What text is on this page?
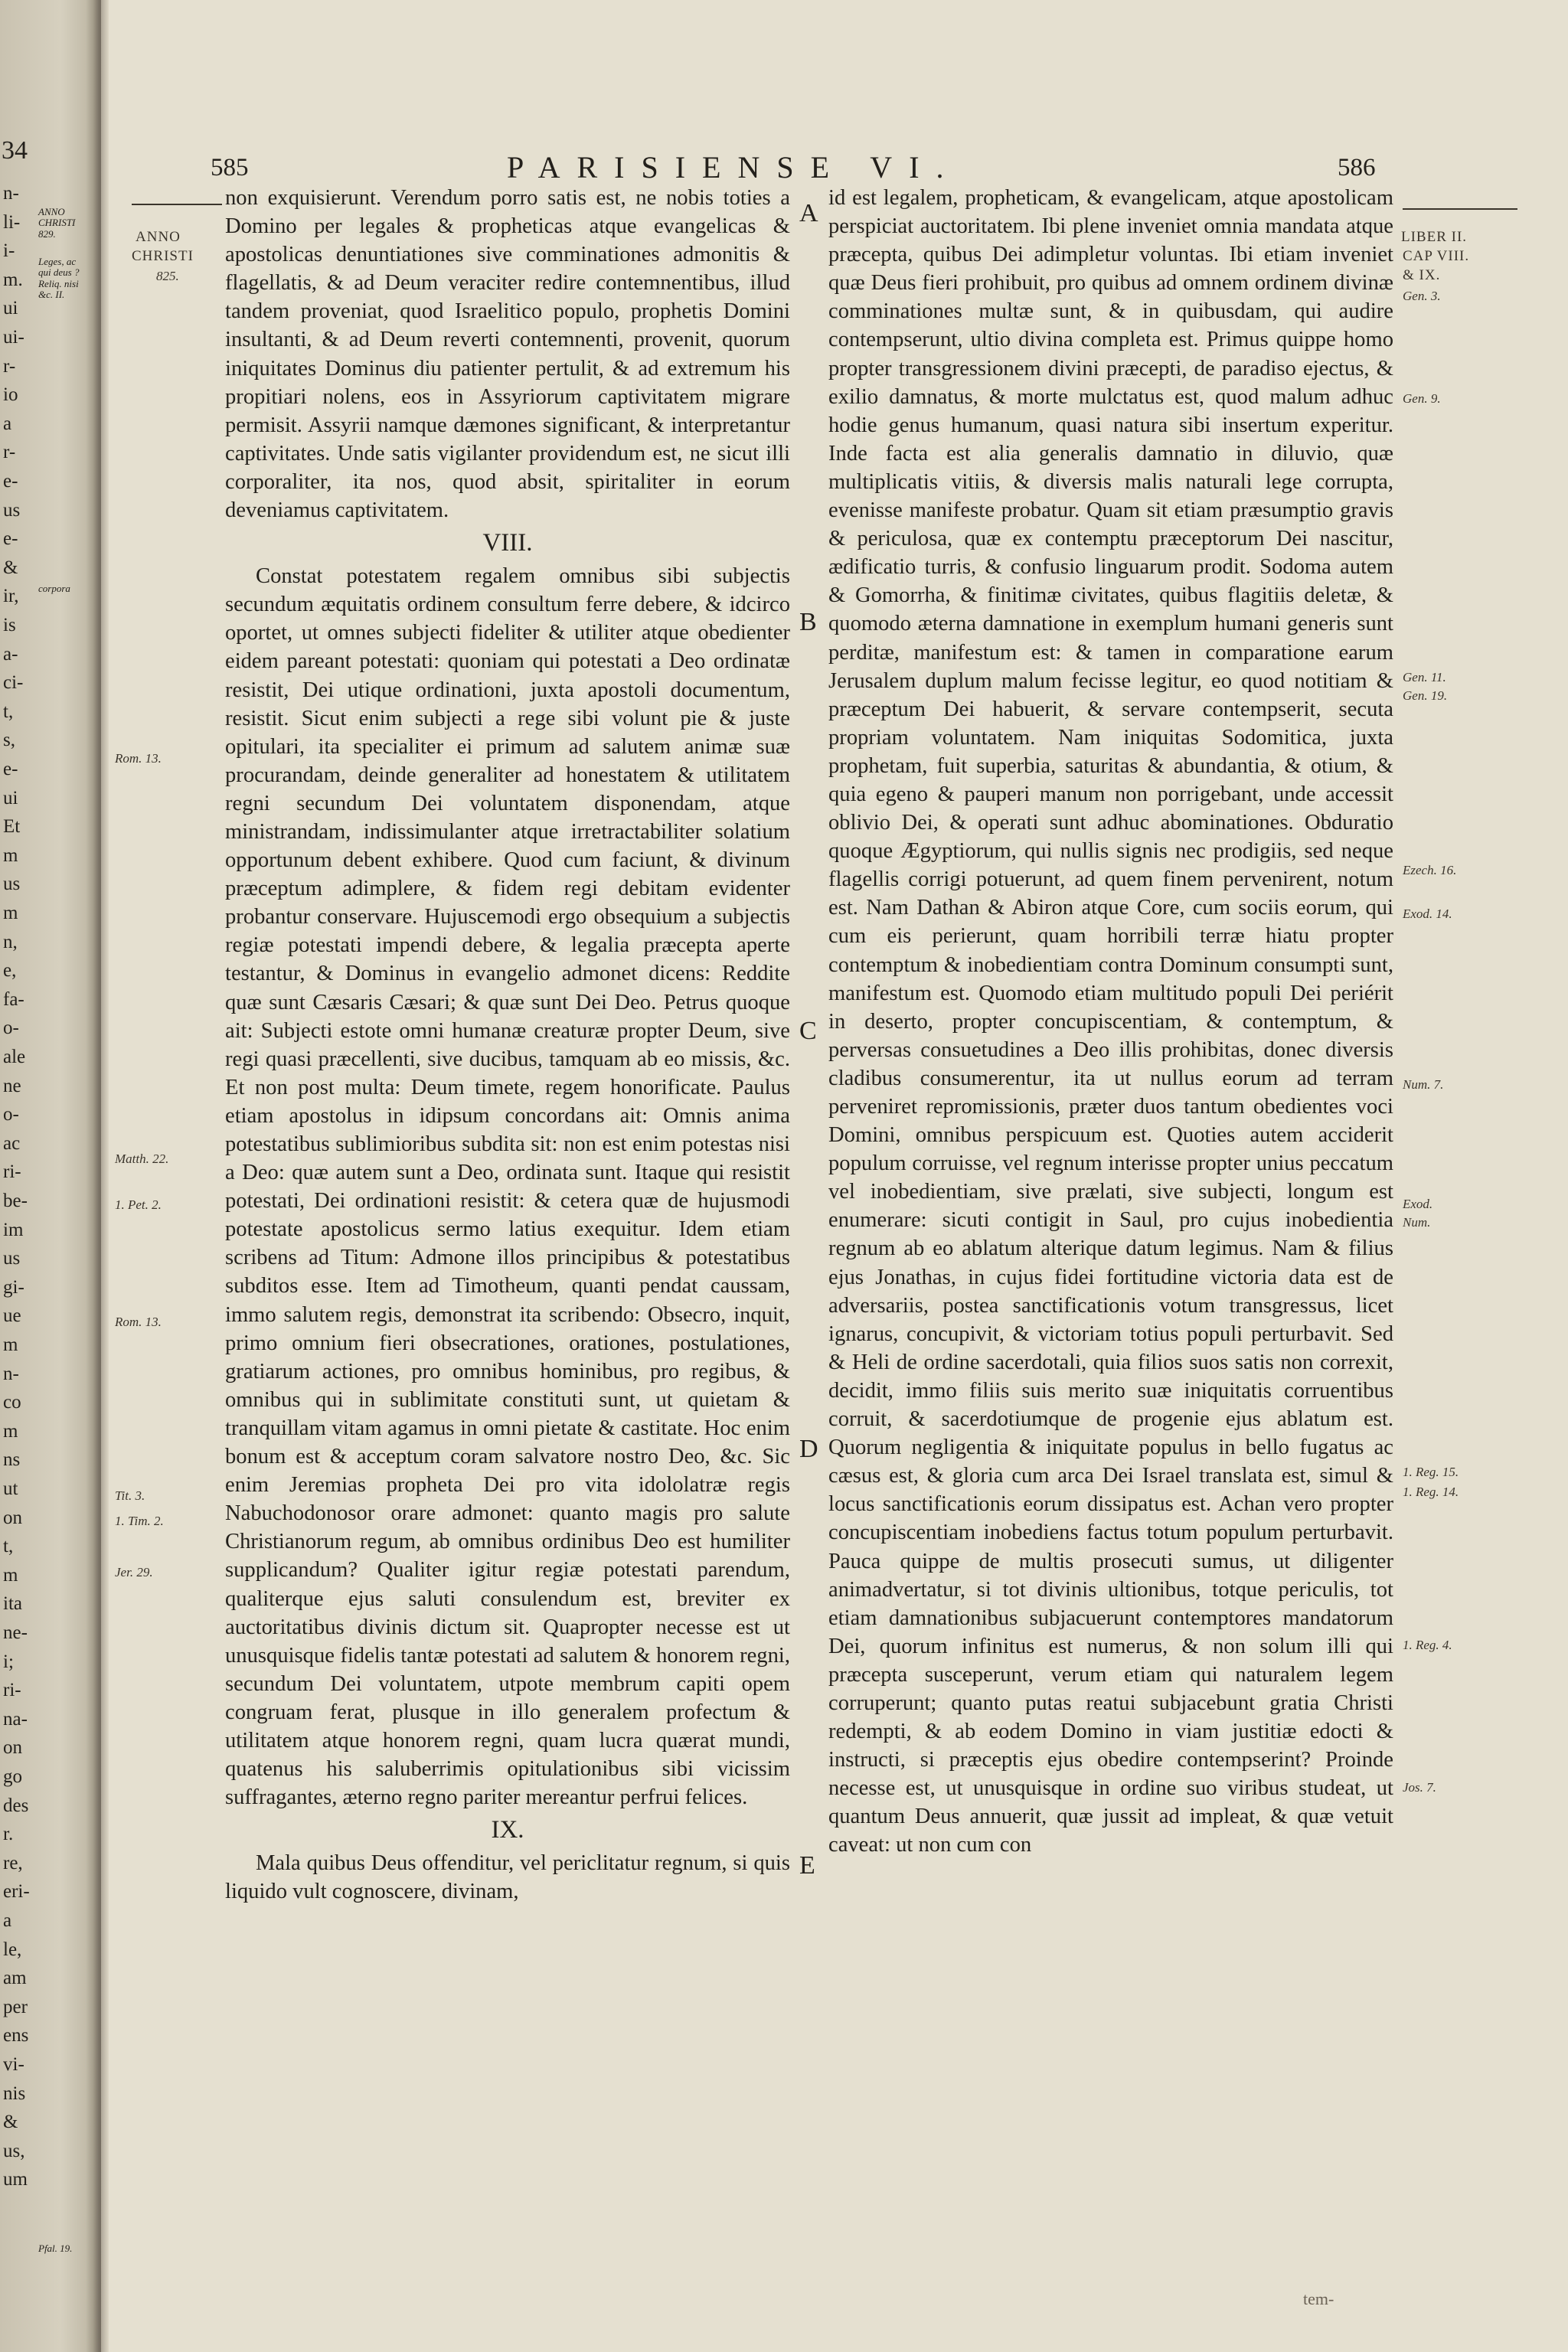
34
n-
li-
i-
m.
ui
ui-
r-
io
a
r-
e-
us
e-
&
ir,
is
a-
ci-
t,
s,
e-
ui
Et
m
us
m
n,
e,
fa-
o-
ale
ne
o-
ac
ri-
be-
im
us
gi-
ue
m
n-
co
m
ns
ut
on
t,
m
ita
ne-
i;
ri-
na-
on
go
des
r.
re,
eri-
a
le,
am
per
ens
vi-
nis
&
us,
um
ANNO CHRISTI 829.
Leges, ac qui deus ? Reliq. nisi &c. II.
corpora
Pfal. 19.
585	PARISIENSE VI.	586
ANNO
CHRISTI
825.
Rom. 13.
Matth. 22.
1. Pet. 2.
Rom. 13.
Tit. 3.
1. Tim. 2.
Jer. 29.
LIBER II.
CAP VIII.
& IX.
Gen. 3.
Gen. 9.
Gen. 11.
Gen. 19.
Ezech. 16.
Exod. 14.
Num. 7.
Exod.
Num.
1. Reg. 15.
1. Reg. 14.
1. Reg. 4.
Jos. 7.
A
B
C
D
E

non exquisierunt. Verendum porro satis est, ne nobis toties a Domino per legales & propheticas atque evangelicas & apostolicas denuntiationes sive comminationes admonitis & flagellatis, & ad Deum veraciter redire contemnentibus, illud tandem proveniat, quod Israelitico populo, prophetis Domini insultanti, & ad Deum reverti contemnenti, provenit, quorum iniquitates Dominus diu patienter pertulit, & ad extremum his propitiari nolens, eos in Assyriorum captivitatem migrare permisit. Assyrii namque dæmones significant, & interpretantur captivitates. Unde satis vigilanter providendum est, ne sicut illi corporaliter, ita nos, quod absit, spiritaliter in eorum deveniamus captivitatem.

VIII.

Constat potestatem regalem omnibus sibi subjectis secundum æquitatis ordinem consultum ferre debere, & idcirco oportet, ut omnes subjecti fideliter & utiliter atque obedienter eidem pareant potestati: quoniam qui potestati a Deo ordinatæ resistit, Dei utique ordinationi, juxta apostoli documentum, resistit. Sicut enim subjecti a rege sibi volunt pie & juste opitulari, ita specialiter ei primum ad salutem animæ suæ procurandam, deinde generaliter ad honestatem & utilitatem regni secundum Dei voluntatem disponendam, atque ministrandam, indissimulanter atque irretractabiliter solatium opportunum debent exhibere. Quod cum faciunt, & divinum præceptum adimplere, & fidem regi debitam evidenter probantur conservare. Hujuscemodi ergo obsequium a subjectis regiæ potestati impendi debere, & legalia præcepta aperte testantur, & Dominus in evangelio admonet dicens: Reddite quæ sunt Cæsaris Cæsari; & quæ sunt Dei Deo. Petrus quoque ait: Subjecti estote omni humanæ creaturæ propter Deum, sive regi quasi præcellenti, sive ducibus, tamquam ab eo missis, &c. Et non post multa: Deum timete, regem honorificate. Paulus etiam apostolus in idipsum concordans ait: Omnis anima potestatibus sublimioribus subdita sit: non est enim potestas nisi a Deo: quæ autem sunt a Deo, ordinata sunt. Itaque qui resistit potestati, Dei ordinationi resistit: & cetera quæ de hujusmodi potestate apostolicus sermo latius exequitur. Idem etiam scribens ad Titum: Admone illos principibus & potestatibus subditos esse. Item ad Timotheum, quanti pendat caussam, immo salutem regis, demonstrat ita scribendo: Obsecro, inquit, primo omnium fieri obsecrationes, orationes, postulationes, gratiarum actiones, pro omnibus hominibus, pro regibus, & omnibus qui in sublimitate constituti sunt, ut quietam & tranquillam vitam agamus in omni pietate & castitate. Hoc enim bonum est & acceptum coram salvatore nostro Deo, &c. Sic enim Jeremias propheta Dei pro vita idololatræ regis Nabuchodonosor orare admonet: quanto magis pro salute Christianorum regum, ab omnibus ordinibus Deo est humiliter supplicandum? Qualiter igitur regiæ potestati parendum, qualiterque ejus saluti consulendum est, breviter ex auctoritatibus divinis dictum sit. Quapropter necesse est ut unusquisque fidelis tantæ potestati ad salutem & honorem regni, secundum Dei voluntatem, utpote membrum capiti opem congruam ferat, plusque in illo generalem profectum & utilitatem atque honorem regni, quam lucra quærat mundi, quatenus his saluberrimis opitulationibus sibi vicissim suffragantes, æterno regno pariter mereantur perfrui felices.

IX.

Mala quibus Deus offenditur, vel periclitatur regnum, si quis liquido vult cognoscere, divinam,

id est legalem, propheticam, & evangelicam, atque apostolicam perspiciat auctoritatem. Ibi plene inveniet omnia mandata atque præcepta, quibus Dei adimpletur voluntas. Ibi etiam inveniet quæ Deus fieri prohibuit, pro quibus ad omnem ordinem divinæ comminationes multæ sunt, & in quibusdam, qui audire contempserunt, ultio divina completa est. Primus quippe homo propter transgressionem divini præcepti, de paradiso ejectus, & exilio damnatus, & morte mulctatus est, quod malum adhuc hodie genus humanum, quasi natura sibi insertum experitur. Inde facta est alia generalis damnatio in diluvio, quæ multiplicatis vitiis, & diversis malis naturali lege corrupta, evenisse manifeste probatur. Quam sit etiam præsumptio gravis & periculosa, quæ ex contemptu præceptorum Dei nascitur, ædificatio turris, & confusio linguarum prodit. Sodoma autem & Gomorrha, & finitimæ civitates, quibus flagitiis deletæ, & quomodo æterna damnatione in exemplum humani generis sunt perditæ, manifestum est: & tamen in comparatione earum Jerusalem duplum malum fecisse legitur, eo quod notitiam & præceptum Dei habuerit, & servare contempserit, secuta propriam voluntatem. Nam iniquitas Sodomitica, juxta prophetam, fuit superbia, saturitas & abundantia, & otium, & quia egeno & pauperi manum non porrigebant, unde accessit oblivio Dei, & operati sunt adhuc abominationes. Obduratio quoque Ægyptiorum, qui nullis signis nec prodigiis, sed neque flagellis corrigi potuerunt, ad quem finem pervenirent, notum est. Nam Dathan & Abiron atque Core, cum sociis eorum, qui cum eis perierunt, quam horribili terræ hiatu propter contemptum & inobedientiam contra Dominum consumpti sunt, manifestum est. Quomodo etiam multitudo populi Dei periérit in deserto, propter concupiscentiam, & contemptum, & perversas consuetudines a Deo illis prohibitas, donec diversis cladibus consumerentur, ita ut nullus eorum ad terram perveniret repromissionis, præter duos tantum obedientes voci Domini, omnibus perspicuum est. Quoties autem acciderit populum corruisse, vel regnum interisse propter unius peccatum vel inobedientiam, sive prælati, sive subjecti, longum est enumerare: sicuti contigit in Saul, pro cujus inobedientia regnum ab eo ablatum alterique datum legimus. Nam & filius ejus Jonathas, in cujus fidei fortitudine victoria data est de adversariis, postea sanctificationis votum transgressus, licet ignarus, concupivit, & victoriam totius populi perturbavit. Sed & Heli de ordine sacerdotali, quia filios suos satis non correxit, decidit, immo filiis suis merito suæ iniquitatis corruentibus corruit, & sacerdotiumque de progenie ejus ablatum est. Quorum negligentia & iniquitate populus in bello fugatus ac cæsus est, & gloria cum arca Dei Israel translata est, simul & locus sanctificationis eorum dissipatus est. Achan vero propter concupiscentiam inobediens factus totum populum perturbavit. Pauca quippe de multis prosecuti sumus, ut diligenter animadvertatur, si tot divinis ultionibus, totque periculis, tot etiam damnationibus subjacuerunt contemptores mandatorum Dei, quorum infinitus est numerus, & non solum illi qui præcepta susceperunt, verum etiam qui naturalem legem corruperunt; quanto putas reatui subjacebunt gratia Christi redempti, & ab eodem Domino in viam justitiæ edocti & instructi, si præceptis ejus obedire contempserint? Proinde necesse est, ut unusquisque in ordine suo viribus studeat, ut quantum Deus annuerit, quæ jussit ad impleat, & quæ vetuit caveat: ut non cum con

tem-
